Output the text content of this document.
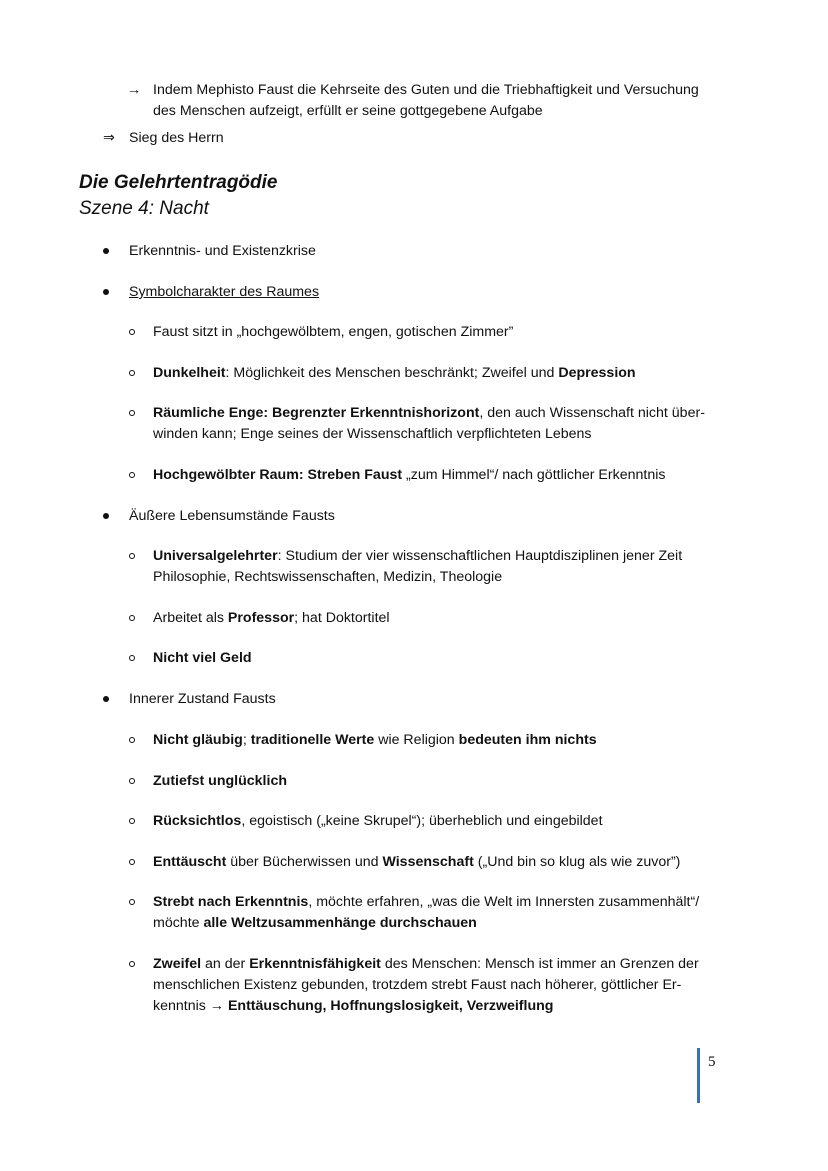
→ Indem Mephisto Faust die Kehrseite des Guten und die Triebhaftigkeit und Versuchung
des Menschen aufzeigt, erfüllt er seine gottgegebene Aufgabe
⇒ Sieg des Herrn
Die Gelehrtentragödie
Szene 4: Nacht
Erkenntnis- und Existenzkrise
Symbolcharakter des Raumes
Faust sitzt in „hochgewölbtem, engen, gotischen Zimmer”
Dunkelheit: Möglichkeit des Menschen beschränkt; Zweifel und Depression
Räumliche Enge: Begrenzter Erkenntnishorizont, den auch Wissenschaft nicht über-
winden kann; Enge seines der Wissenschaftlich verpflichteten Lebens
Hochgewölbter Raum: Streben Faust „zum Himmel“/ nach göttlicher Erkenntnis
Äußere Lebensumstände Fausts
Universalgelehrter: Studium der vier wissenschaftlichen Hauptdisziplinen jener Zeit
Philosophie, Rechtswissenschaften, Medizin, Theologie
Arbeitet als Professor; hat Doktortitel
Nicht viel Geld
Innerer Zustand Fausts
Nicht gläubig; traditionelle Werte wie Religion bedeuten ihm nichts
Zutiefst unglücklich
Rücksichtlos, egoistisch („keine Skrupel“); überheblich und eingebildet
Enttäuscht über Bücherwissen und Wissenschaft („Und bin so klug als wie zuvor”)
Strebt nach Erkenntnis, möchte erfahren, „was die Welt im Innersten zusammenhält“/
möchte alle Weltzusammenhänge durchschauen
Zweifel an der Erkenntnisfähigkeit des Menschen: Mensch ist immer an Grenzen der
menschlichen Existenz gebunden, trotzdem strebt Faust nach höherer, göttlicher Er-
kenntnis → Enttäuschung, Hoffnungslosigkeit, Verzweiflung
5
